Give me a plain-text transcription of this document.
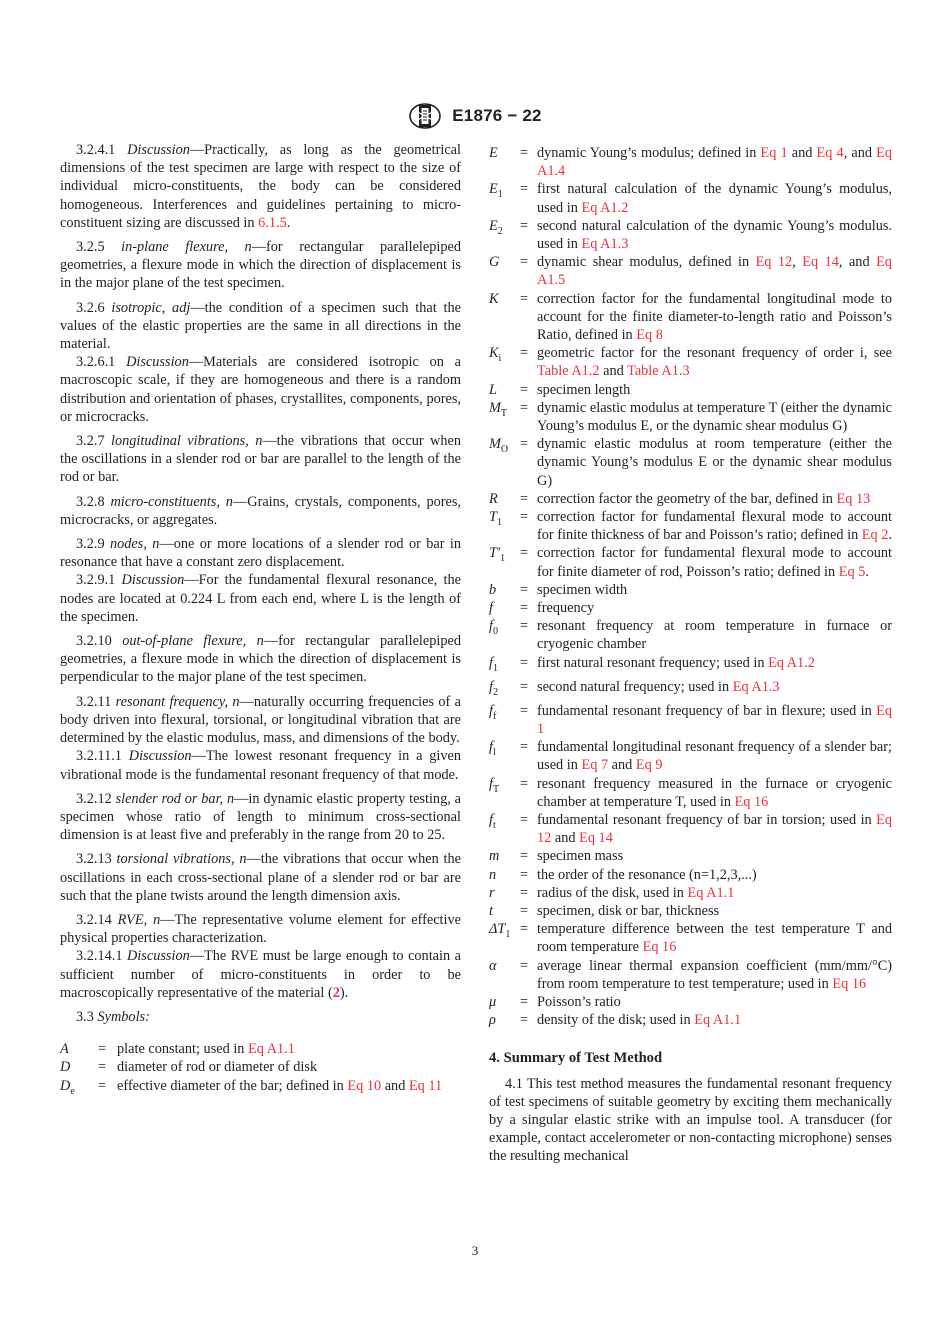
E1876 − 22

3.2.4.1 Discussion—Practically, as long as the geometrical dimensions of the test specimen are large with respect to the size of individual micro-constituents, the body can be considered homogeneous. Interferences and guidelines pertaining to micro-constituent sizing are discussed in 6.1.5.

3.2.5 in-plane flexure, n—for rectangular parallelepiped geometries, a flexure mode in which the direction of displacement is in the major plane of the test specimen.

3.2.6 isotropic, adj—the condition of a specimen such that the values of the elastic properties are the same in all directions in the material.

3.2.6.1 Discussion—Materials are considered isotropic on a macroscopic scale, if they are homogeneous and there is a random distribution and orientation of phases, crystallites, components, pores, or microcracks.

3.2.7 longitudinal vibrations, n—the vibrations that occur when the oscillations in a slender rod or bar are parallel to the length of the rod or bar.

3.2.8 micro-constituents, n—Grains, crystals, components, pores, microcracks, or aggregates.

3.2.9 nodes, n—one or more locations of a slender rod or bar in resonance that have a constant zero displacement.

3.2.9.1 Discussion—For the fundamental flexural resonance, the nodes are located at 0.224 L from each end, where L is the length of the specimen.

3.2.10 out-of-plane flexure, n—for rectangular parallelepiped geometries, a flexure mode in which the direction of displacement is perpendicular to the major plane of the test specimen.

3.2.11 resonant frequency, n—naturally occurring frequencies of a body driven into flexural, torsional, or longitudinal vibration that are determined by the elastic modulus, mass, and dimensions of the body.

3.2.11.1 Discussion—The lowest resonant frequency in a given vibrational mode is the fundamental resonant frequency of that mode.

3.2.12 slender rod or bar, n—in dynamic elastic property testing, a specimen whose ratio of length to minimum cross-sectional dimension is at least five and preferably in the range from 20 to 25.

3.2.13 torsional vibrations, n—the vibrations that occur when the oscillations in each cross-sectional plane of a slender rod or bar are such that the plane twists around the length dimension axis.

3.2.14 RVE, n—The representative volume element for effective physical properties characterization.

3.2.14.1 Discussion—The RVE must be large enough to contain a sufficient number of micro-constituents in order to be macroscopically representative of the material (2).

3.3 Symbols:

A	= plate constant; used in Eq A1.1
D	= diameter of rod or diameter of disk
$D_e$	= effective diameter of the bar; defined in Eq 10 and Eq 11
E	= dynamic Young’s modulus; defined in Eq 1 and Eq 4, and Eq A1.4
$E_1$	= first natural calculation of the dynamic Young’s modulus, used in Eq A1.2
$E_2$	= second natural calculation of the dynamic Young’s modulus. used in Eq A1.3
G	= dynamic shear modulus, defined in Eq 12, Eq 14, and Eq A1.5
K	= correction factor for the fundamental longitudinal mode to account for the finite diameter-to-length ratio and Poisson’s Ratio, defined in Eq 8
$K_i$	= geometric factor for the resonant frequency of order i, see Table A1.2 and Table A1.3
L	= specimen length
$M_T$ = dynamic elastic modulus at temperature T (either the dynamic Young’s modulus E, or the dynamic shear modulus G)
$M_O$ = dynamic elastic modulus at room temperature (either the dynamic Young’s modulus E or the dynamic shear modulus G)
R	= correction factor the geometry of the bar, defined in Eq 13
$T_1$	= correction factor for fundamental flexural mode to account for finite thickness of bar and Poisson’s ratio; defined in Eq 2.
$T'_1$	= correction factor for fundamental flexural mode to account for finite diameter of rod, Poisson’s ratio; defined in Eq 5.
b	= specimen width
f	= frequency
$f_0$	= resonant frequency at room temperature in furnace or cryogenic chamber
$f_1$	= first natural resonant frequency; used in Eq A1.2
$f_2$	= second natural frequency; used in Eq A1.3
$f_f$	= fundamental resonant frequency of bar in flexure; used in Eq 1
$f_l$	= fundamental longitudinal resonant frequency of a slender bar; used in Eq 7 and Eq 9
$f_T$	= resonant frequency measured in the furnace or cryogenic chamber at temperature T, used in Eq 16
$f_t$	= fundamental resonant frequency of bar in torsion; used in Eq 12 and Eq 14
m	= specimen mass
n	= the order of the resonance (n=1,2,3,...)
r	= radius of the disk, used in Eq A1.1
t	= specimen, disk or bar, thickness
$\Delta T_1$ = temperature difference between the test temperature T and room temperature Eq 16
α	= average linear thermal expansion coefficient (mm/mm/°C) from room temperature to test temperature; used in Eq 16
μ	= Poisson’s ratio
ρ	= density of the disk; used in Eq A1.1
4. Summary of Test Method

4.1 This test method measures the fundamental resonant frequency of test specimens of suitable geometry by exciting them mechanically by a singular elastic strike with an impulse tool. A transducer (for example, contact accelerometer or non-contacting microphone) senses the resulting mechanical

3
